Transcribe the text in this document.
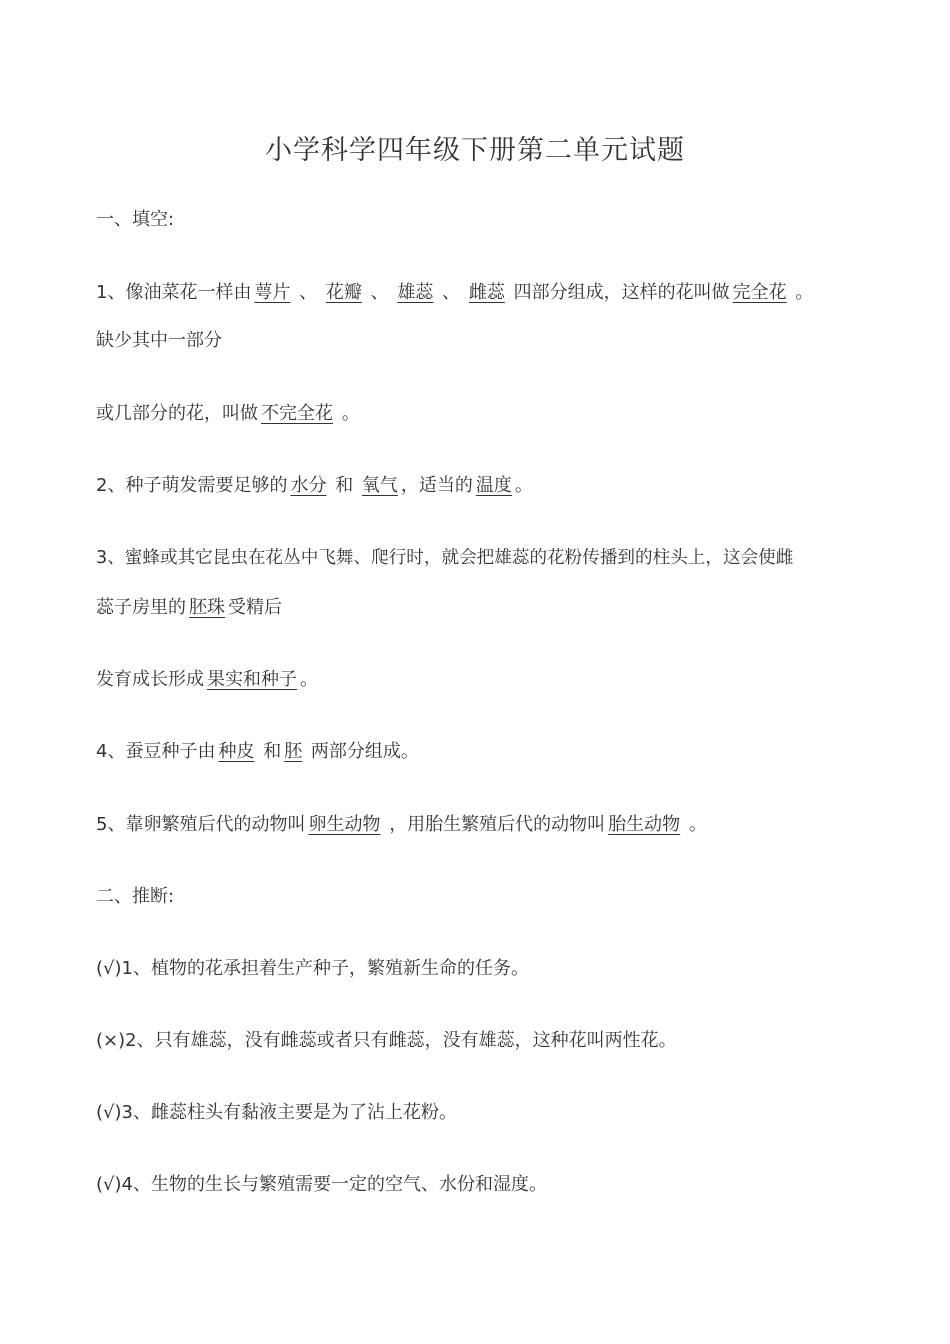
小学科学四年级下册第二单元试题
一、填空:
1、像油菜花一样由 萼片 、 花瓣 、 雄蕊 、 雌蕊 四部分组成，这样的花叫做 完全花 。
缺少其中一部分
或几部分的花，叫做 不完全花 。
2、种子萌发需要足够的 水分 和 氧气 ，适当的 温度 。
3、蜜蜂或其它昆虫在花丛中飞舞、爬行时，就会把雄蕊的花粉传播到的柱头上，这会使雌
蕊子房里的 胚珠 受精后
发育成长形成 果实和种子 。
4、蚕豆种子由 种皮 和 胚 两部分组成。
5、靠卵繁殖后代的动物叫 卵生动物 ，用胎生繁殖后代的动物叫 胎生动物 。
二、推断:
(√)1、植物的花承担着生产种子，繁殖新生命的任务。
(×)2、只有雄蕊，没有雌蕊或者只有雌蕊，没有雄蕊，这种花叫两性花。
(√)3、雌蕊柱头有黏液主要是为了沾上花粉。
(√)4、生物的生长与繁殖需要一定的空气、水份和湿度。
